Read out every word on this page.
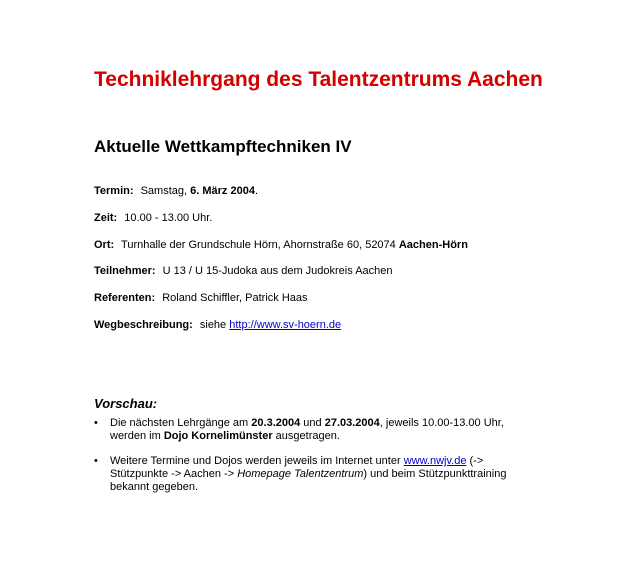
Techniklehrgang des Talentzentrums Aachen
Aktuelle Wettkampftechniken IV
Termin: Samstag, 6. März 2004.
Zeit: 10.00 - 13.00 Uhr.
Ort: Turnhalle der Grundschule Hörn, Ahornstraße 60, 52074 Aachen-Hörn
Teilnehmer: U 13 / U 15-Judoka aus dem Judokreis Aachen
Referenten: Roland Schiffler, Patrick Haas
Wegbeschreibung: siehe http://www.sv-hoern.de
Vorschau:
•	Die nächsten Lehrgänge am 20.3.2004 und 27.03.2004, jeweils 10.00-13.00 Uhr,
werden im Dojo Kornelimünster ausgetragen.
•	Weitere Termine und Dojos werden jeweils im Internet unter www.nwjv.de (->
Stützpunkte -> Aachen -> Homepage Talentzentrum) und beim Stützpunkttraining
bekannt gegeben.
